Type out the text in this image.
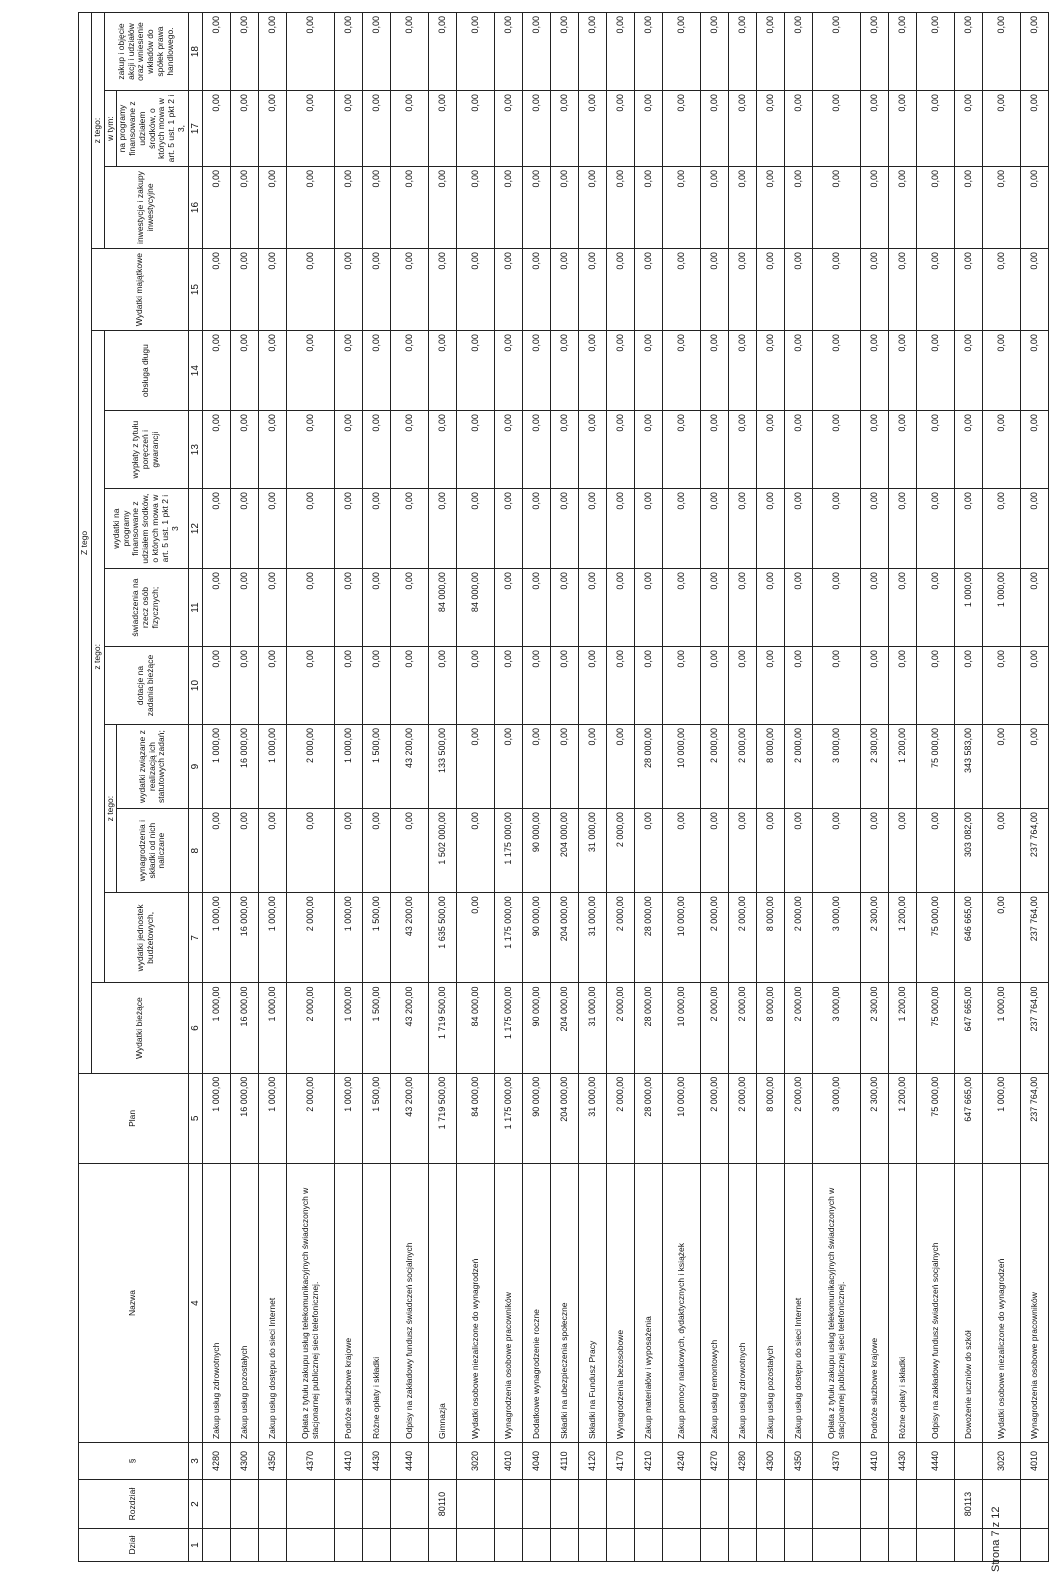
Dział	Rozdział	§	Nazwa	Plan	Z tego												
					Wydatki bieżące	z tego:								Wydatki majątkowe	z tego:		
						wydatki jednostek budżetowych,	z tego:		dotacje na zadania bieżące	świadczenia na rzecz osób fizycznych;	wydatki na programy finansowane z udziałem środków, o których mowa w art. 5 ust. 1 pkt 2 i 3	wypłaty z tytułu poręczeń i gwarancji	obsługa długu		inwestycje i zakupy inwestycyjne	w tym:	zakup i objęcie akcji i udziałów oraz wniesienie wkładów do spółek prawa handlowego.
							wynagrodzenia i składki od nich naliczane	wydatki związane z realizacją ich statutowych zadań;								na programy finansowane z udziałem środków, o których mowa w art. 5 ust. 1 pkt 2 i 3,	

1	2	3	4	5	6	7	8	9	10	11	12	13	14	15	16	17	18
		4280	Zakup usług zdrowotnych	1 000,00	1 000,00	1 000,00	0,00	1 000,00	0,00	0,00	0,00	0,00	0,00	0,00	0,00	0,00	0,00
		4300	Zakup usług pozostałych	16 000,00	16 000,00	16 000,00	0,00	16 000,00	0,00	0,00	0,00	0,00	0,00	0,00	0,00	0,00	0,00
		4350	Zakup usług dostępu do sieci Internet	1 000,00	1 000,00	1 000,00	0,00	1 000,00	0,00	0,00	0,00	0,00	0,00	0,00	0,00	0,00	0,00
		4370	Opłata z tytułu zakupu usług telekomunikacyjnych świadczonych w stacjonarnej publicznej sieci telefonicznej.	2 000,00	2 000,00	2 000,00	0,00	2 000,00	0,00	0,00	0,00	0,00	0,00	0,00	0,00	0,00	0,00
		4410	Podróże służbowe krajowe	1 000,00	1 000,00	1 000,00	0,00	1 000,00	0,00	0,00	0,00	0,00	0,00	0,00	0,00	0,00	0,00
		4430	Różne opłaty i składki	1 500,00	1 500,00	1 500,00	0,00	1 500,00	0,00	0,00	0,00	0,00	0,00	0,00	0,00	0,00	0,00
		4440	Odpisy na zakładowy fundusz świadczeń socjalnych	43 200,00	43 200,00	43 200,00	0,00	43 200,00	0,00	0,00	0,00	0,00	0,00	0,00	0,00	0,00	0,00
	80110		Gimnazja	1 719 500,00	1 719 500,00	1 635 500,00	1 502 000,00	133 500,00	0,00	84 000,00	0,00	0,00	0,00	0,00	0,00	0,00	0,00
		3020	Wydatki osobowe niezaliczone do wynagrodzeń	84 000,00	84 000,00	0,00	0,00	0,00	0,00	84 000,00	0,00	0,00	0,00	0,00	0,00	0,00	0,00
		4010	Wynagrodzenia osobowe pracowników	1 175 000,00	1 175 000,00	1 175 000,00	1 175 000,00	0,00	0,00	0,00	0,00	0,00	0,00	0,00	0,00	0,00	0,00
		4040	Dodatkowe wynagrodzenie roczne	90 000,00	90 000,00	90 000,00	90 000,00	0,00	0,00	0,00	0,00	0,00	0,00	0,00	0,00	0,00	0,00
		4110	Składki na ubezpieczenia społeczne	204 000,00	204 000,00	204 000,00	204 000,00	0,00	0,00	0,00	0,00	0,00	0,00	0,00	0,00	0,00	0,00
		4120	Składki na Fundusz Pracy	31 000,00	31 000,00	31 000,00	31 000,00	0,00	0,00	0,00	0,00	0,00	0,00	0,00	0,00	0,00	0,00
		4170	Wynagrodzenia bezosobowe	2 000,00	2 000,00	2 000,00	2 000,00	0,00	0,00	0,00	0,00	0,00	0,00	0,00	0,00	0,00	0,00
		4210	Zakup materiałów i wyposażenia	28 000,00	28 000,00	28 000,00	0,00	28 000,00	0,00	0,00	0,00	0,00	0,00	0,00	0,00	0,00	0,00
		4240	Zakup pomocy naukowych, dydaktycznych i książek	10 000,00	10 000,00	10 000,00	0,00	10 000,00	0,00	0,00	0,00	0,00	0,00	0,00	0,00	0,00	0,00
		4270	Zakup usług remontowych	2 000,00	2 000,00	2 000,00	0,00	2 000,00	0,00	0,00	0,00	0,00	0,00	0,00	0,00	0,00	0,00
		4280	Zakup usług zdrowotnych	2 000,00	2 000,00	2 000,00	0,00	2 000,00	0,00	0,00	0,00	0,00	0,00	0,00	0,00	0,00	0,00
		4300	Zakup usług pozostałych	8 000,00	8 000,00	8 000,00	0,00	8 000,00	0,00	0,00	0,00	0,00	0,00	0,00	0,00	0,00	0,00
		4350	Zakup usług dostępu do sieci Internet	2 000,00	2 000,00	2 000,00	0,00	2 000,00	0,00	0,00	0,00	0,00	0,00	0,00	0,00	0,00	0,00
		4370	Opłata z tytułu zakupu usług telekomunikacyjnych świadczonych w stacjonarnej publicznej sieci telefonicznej.	3 000,00	3 000,00	3 000,00	0,00	3 000,00	0,00	0,00	0,00	0,00	0,00	0,00	0,00	0,00	0,00
		4410	Podróże służbowe krajowe	2 300,00	2 300,00	2 300,00	0,00	2 300,00	0,00	0,00	0,00	0,00	0,00	0,00	0,00	0,00	0,00
		4430	Różne opłaty i składki	1 200,00	1 200,00	1 200,00	0,00	1 200,00	0,00	0,00	0,00	0,00	0,00	0,00	0,00	0,00	0,00
		4440	Odpisy na zakładowy fundusz świadczeń socjalnych	75 000,00	75 000,00	75 000,00	0,00	75 000,00	0,00	0,00	0,00	0,00	0,00	0,00	0,00	0,00	0,00
	80113		Dowożenie uczniów do szkół	647 665,00	647 665,00	646 665,00	303 082,00	343 583,00	0,00	1 000,00	0,00	0,00	0,00	0,00	0,00	0,00	0,00
		3020	Wydatki osobowe niezaliczone do wynagrodzeń	1 000,00	1 000,00	0,00	0,00	0,00	0,00	1 000,00	0,00	0,00	0,00	0,00	0,00	0,00	0,00
		4010	Wynagrodzenia osobowe pracowników	237 764,00	237 764,00	237 764,00	237 764,00	0,00	0,00	0,00	0,00	0,00	0,00	0,00	0,00	0,00	0,00
Strona 7 z 12
